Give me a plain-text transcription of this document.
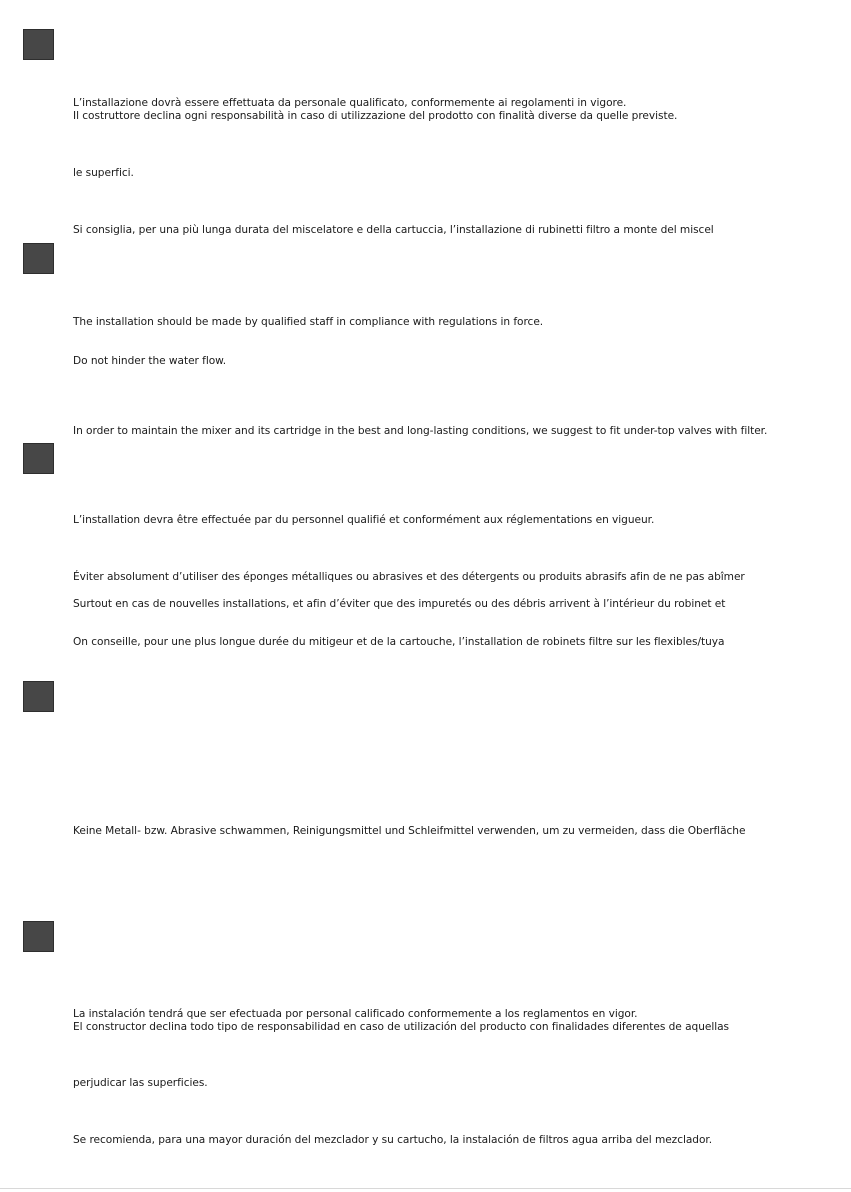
L’installazione dovrà essere effettuata da personale qualificato, conformemente ai regolamenti in vigore.
Il costruttore declina ogni responsabilità in caso di utilizzazione del prodotto con finalità diverse da quelle previste.
le superfici.
Si consiglia, per una più lunga durata del miscelatore e della cartuccia, l’installazione di rubinetti filtro a monte del miscel
The installation should be made by qualified staff in compliance with regulations in force.
Do not hinder the water flow.
In order to maintain the mixer and its cartridge in the best and long-lasting conditions, we suggest to fit under-top valves with filter.
L’installation devra être effectuée par du personnel qualifié et conformément aux réglementations en vigueur.
Éviter absolument d’utiliser des éponges métalliques ou abrasives et des détergents ou produits abrasifs afin de ne pas abîmer
Surtout en cas de nouvelles installations, et afin d’éviter que des impuretés ou des débris arrivent à l’intérieur du robinet et
On conseille, pour une plus longue durée du mitigeur et de la cartouche, l’installation de robinets filtre sur les flexibles/tuya
Keine Metall- bzw. Abrasive schwammen, Reinigungsmittel und Schleifmittel verwenden, um zu vermeiden, dass die Oberfläche
La instalación tendrá que ser efectuada por personal calificado conformemente a los reglamentos en vigor.
El constructor declina todo tipo de responsabilidad en caso de utilización del producto con finalidades diferentes de aquellas
perjudicar las superficies.
Se recomienda, para una mayor duración del mezclador y su cartucho, la instalación de filtros agua arriba del mezclador.
